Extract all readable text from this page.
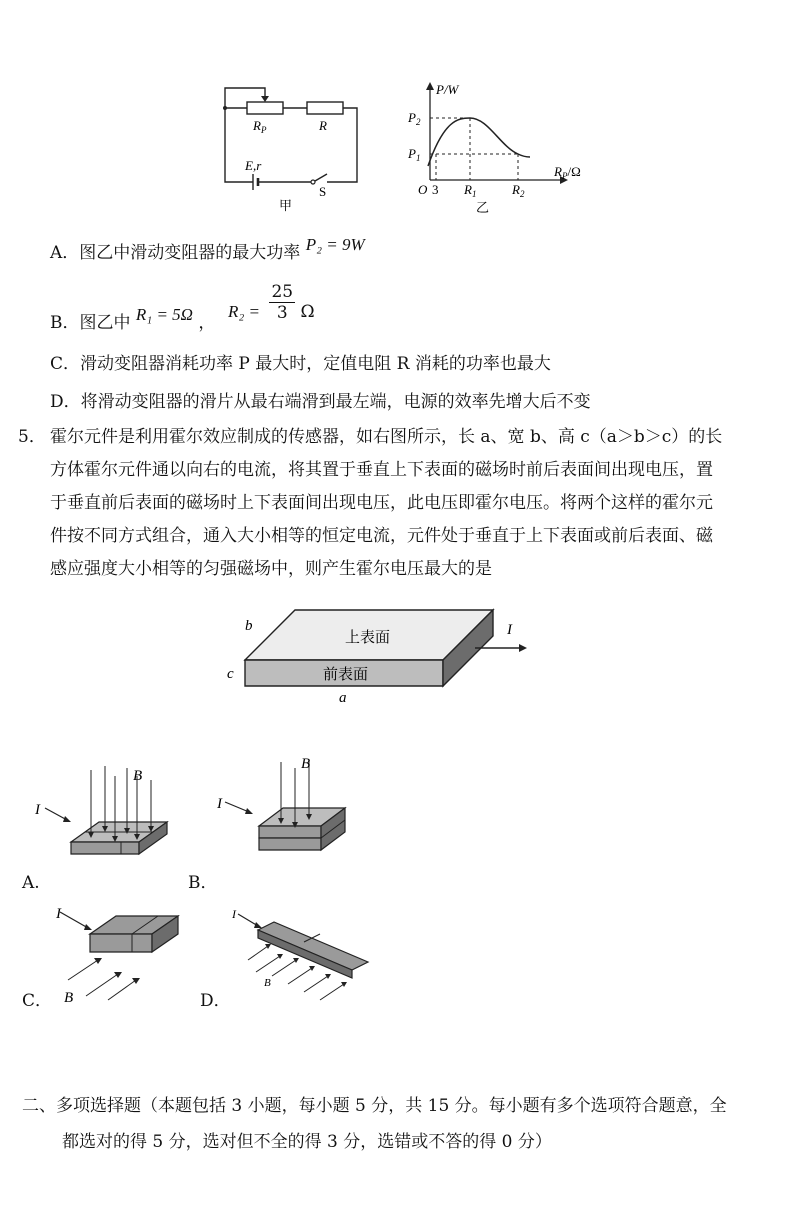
$R_P$	R
E,r
S
甲
P/W
$R_P/\Omega$
O
$P_2$
$P_1$
3 $R_1$	$R_2$
乙
A．图乙中滑动变阻器的最大功率 P₂ = 9W
B．图乙中 R₁ = 5Ω ，
$R_2 = \frac{25}{3}$ Ω
C．滑动变阻器消耗功率 P 最大时，定值电阻 R 消耗的功率也最大
D．将滑动变阻器的滑片从最右端滑到最左端，电源的效率先增大后不变
5． 霍尔元件是利用霍尔效应制成的传感器，如右图所示，长 a、宽 b、高 c（a＞b＞c）的长
方体霍尔元件通以向右的电流，将其置于垂直上下表面的磁场时前后表面间出现电压，置
于垂直前后表面的磁场时上下表面间出现电压，此电压即霍尔电压。将两个这样的霍尔元
件按不同方式组合，通入大小相等的恒定电流，元件处于垂直于上下表面或前后表面、磁
感应强度大小相等的匀强磁场中，则产生霍尔电压最大的是
上表面
前表面
b
c
a
I
I
B
A.
I
B
B．
I
B
C．
I
B
D．
二、多项选择题（本题包括 3 小题，每小题 5 分，共 15 分。每小题有多个选项符合题意，全
都选对的得 5 分，选对但不全的得 3 分，选错或不答的得 0 分）
